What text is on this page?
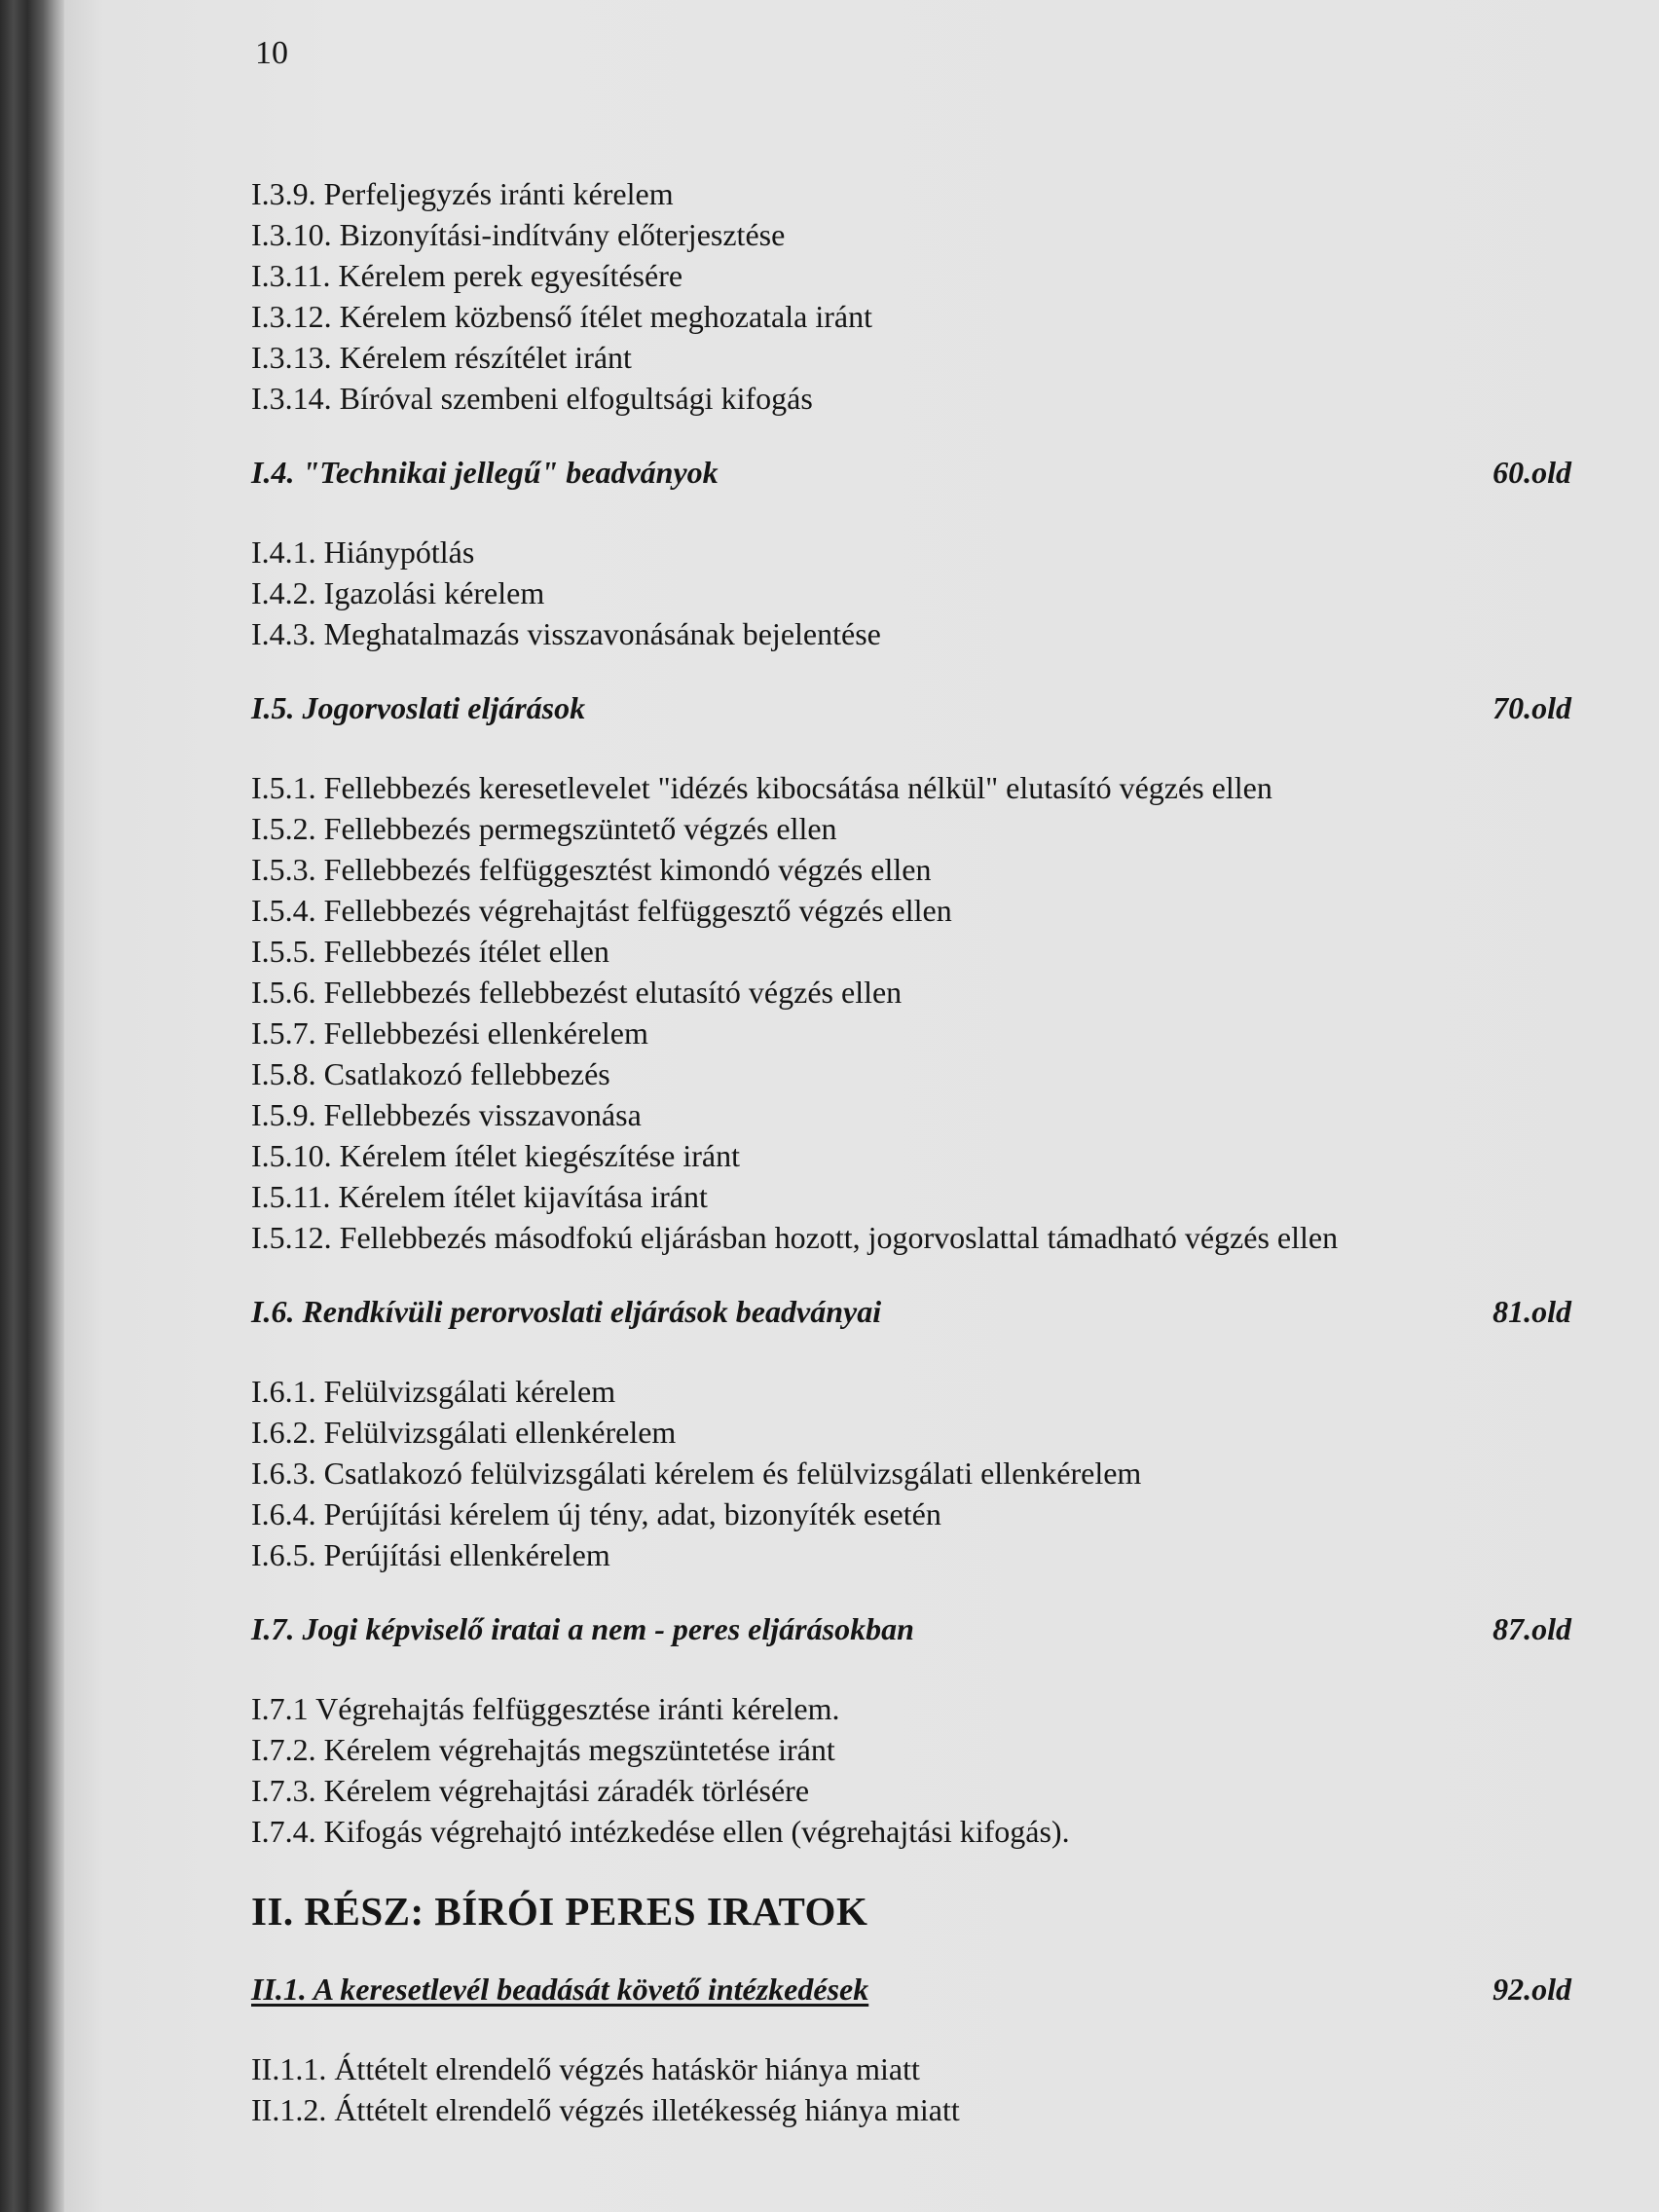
10

I.3.9. Perfeljegyzés iránti kérelem

I.3.10. Bizonyítási-indítvány előterjesztése

I.3.11. Kérelem perek egyesítésére

I.3.12. Kérelem közbenső ítélet meghozatala iránt

I.3.13. Kérelem részítélet iránt

I.3.14. Bíróval szembeni elfogultsági kifogás

I.4. "Technikai jellegű" beadványok	60.old

I.4.1. Hiánypótlás

I.4.2. Igazolási kérelem

I.4.3. Meghatalmazás visszavonásának bejelentése

I.5. Jogorvoslati eljárások	70.old

I.5.1. Fellebbezés keresetlevelet "idézés kibocsátása nélkül" elutasító végzés ellen

I.5.2. Fellebbezés permegszüntető végzés ellen

I.5.3. Fellebbezés felfüggesztést kimondó végzés ellen

I.5.4. Fellebbezés végrehajtást felfüggesztő végzés ellen

I.5.5. Fellebbezés ítélet ellen

I.5.6. Fellebbezés fellebbezést elutasító végzés ellen

I.5.7. Fellebbezési ellenkérelem

I.5.8. Csatlakozó fellebbezés

I.5.9. Fellebbezés visszavonása

I.5.10. Kérelem ítélet kiegészítése iránt

I.5.11. Kérelem ítélet kijavítása iránt

I.5.12. Fellebbezés másodfokú eljárásban hozott, jogorvoslattal támadható végzés ellen

I.6. Rendkívüli perorvoslati eljárások beadványai	81.old

I.6.1. Felülvizsgálati kérelem

I.6.2. Felülvizsgálati ellenkérelem

I.6.3. Csatlakozó felülvizsgálati kérelem és felülvizsgálati ellenkérelem

I.6.4. Perújítási kérelem új tény, adat, bizonyíték esetén

I.6.5. Perújítási ellenkérelem

I.7. Jogi képviselő iratai a nem - peres eljárásokban	87.old

I.7.1 Végrehajtás felfüggesztése iránti kérelem.

I.7.2. Kérelem végrehajtás megszüntetése iránt

I.7.3. Kérelem végrehajtási záradék törlésére

I.7.4. Kifogás végrehajtó intézkedése ellen (végrehajtási kifogás).

II. RÉSZ: BÍRÓI PERES IRATOK
II.1. A keresetlevél beadását követő intézkedések	92.old

II.1.1. Áttételt elrendelő végzés hatáskör hiánya miatt

II.1.2. Áttételt elrendelő végzés illetékesség hiánya miatt
